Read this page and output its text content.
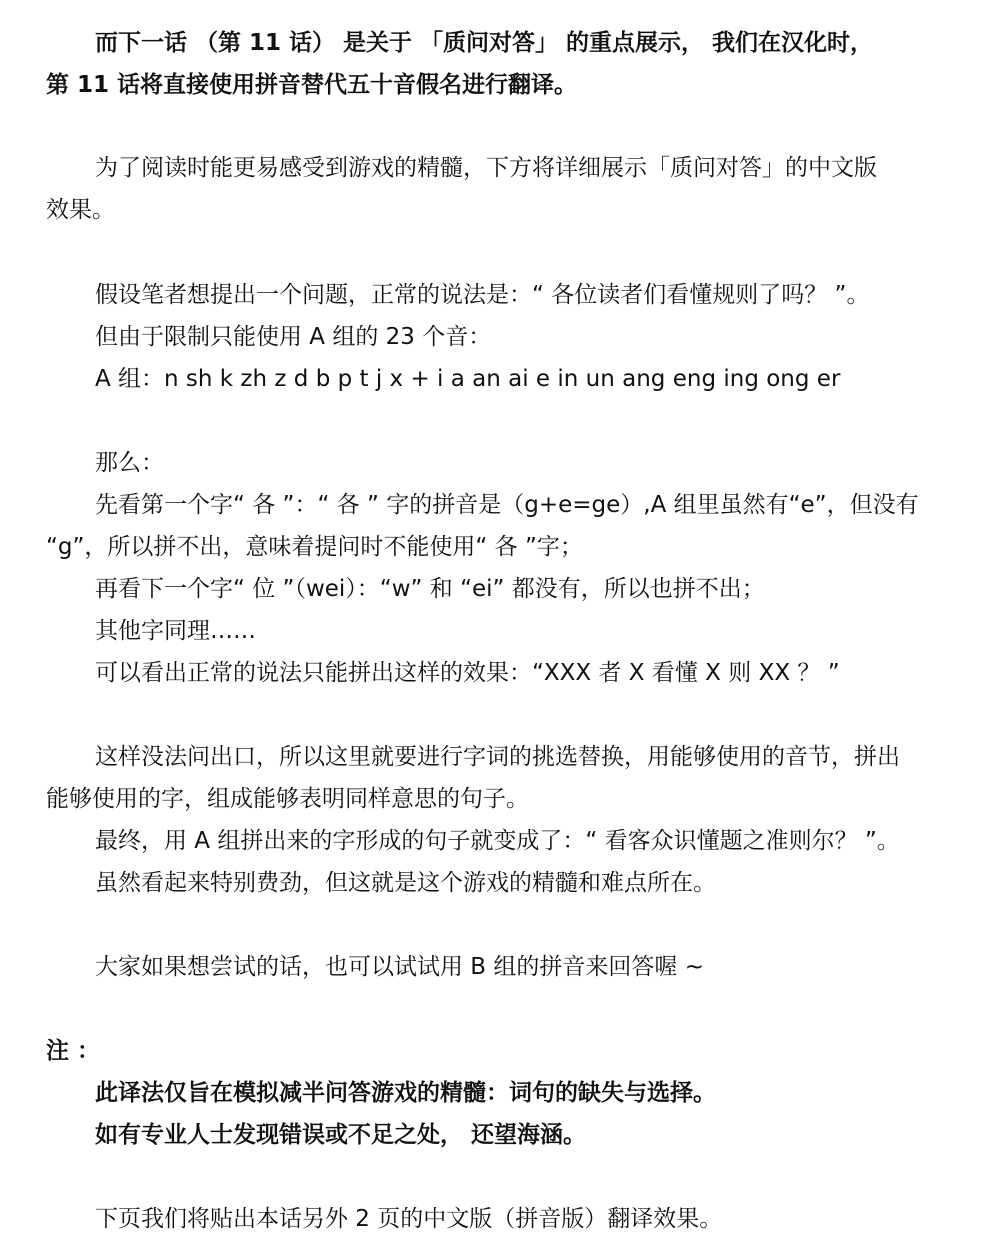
而下一话 （第 11 话） 是关于 「质问对答」 的重点展示， 我们在汉化时，
第 11 话将直接使用拼音替代五十音假名进行翻译。
为了阅读时能更易感受到游戏的精髓，下方将详细展示「质问对答」的中文版
效果。
假设笔者想提出一个问题，正常的说法是：“ 各位读者们看懂规则了吗？ ”。
但由于限制只能使用 A 组的 23 个音：
A 组：n sh k zh z d b p t j x + i a an ai e in un ang eng ing ong er
那么：
先看第一个字“ 各 ”：“ 各 ” 字的拼音是（g+e=ge）,A 组里虽然有“e”，但没有
“g”，所以拼不出，意味着提问时不能使用“ 各 ”字；
再看下一个字“ 位 ”（wei）：“w” 和 “ei” 都没有，所以也拼不出；
其他字同理……
可以看出正常的说法只能拼出这样的效果：“XXX 者 X 看懂 X 则 XX ？ ”
这样没法问出口，所以这里就要进行字词的挑选替换，用能够使用的音节，拼出
能够使用的字，组成能够表明同样意思的句子。
最终，用 A 组拼出来的字形成的句子就变成了：“ 看客众识懂题之准则尔？ ”。
虽然看起来特别费劲，但这就是这个游戏的精髓和难点所在。
大家如果想尝试的话，也可以试试用 B 组的拼音来回答喔 ~
注 ：
此译法仅旨在模拟减半问答游戏的精髓：词句的缺失与选择。
如有专业人士发现错误或不足之处， 还望海涵。
下页我们将贴出本话另外 2 页的中文版（拼音版）翻译效果。
